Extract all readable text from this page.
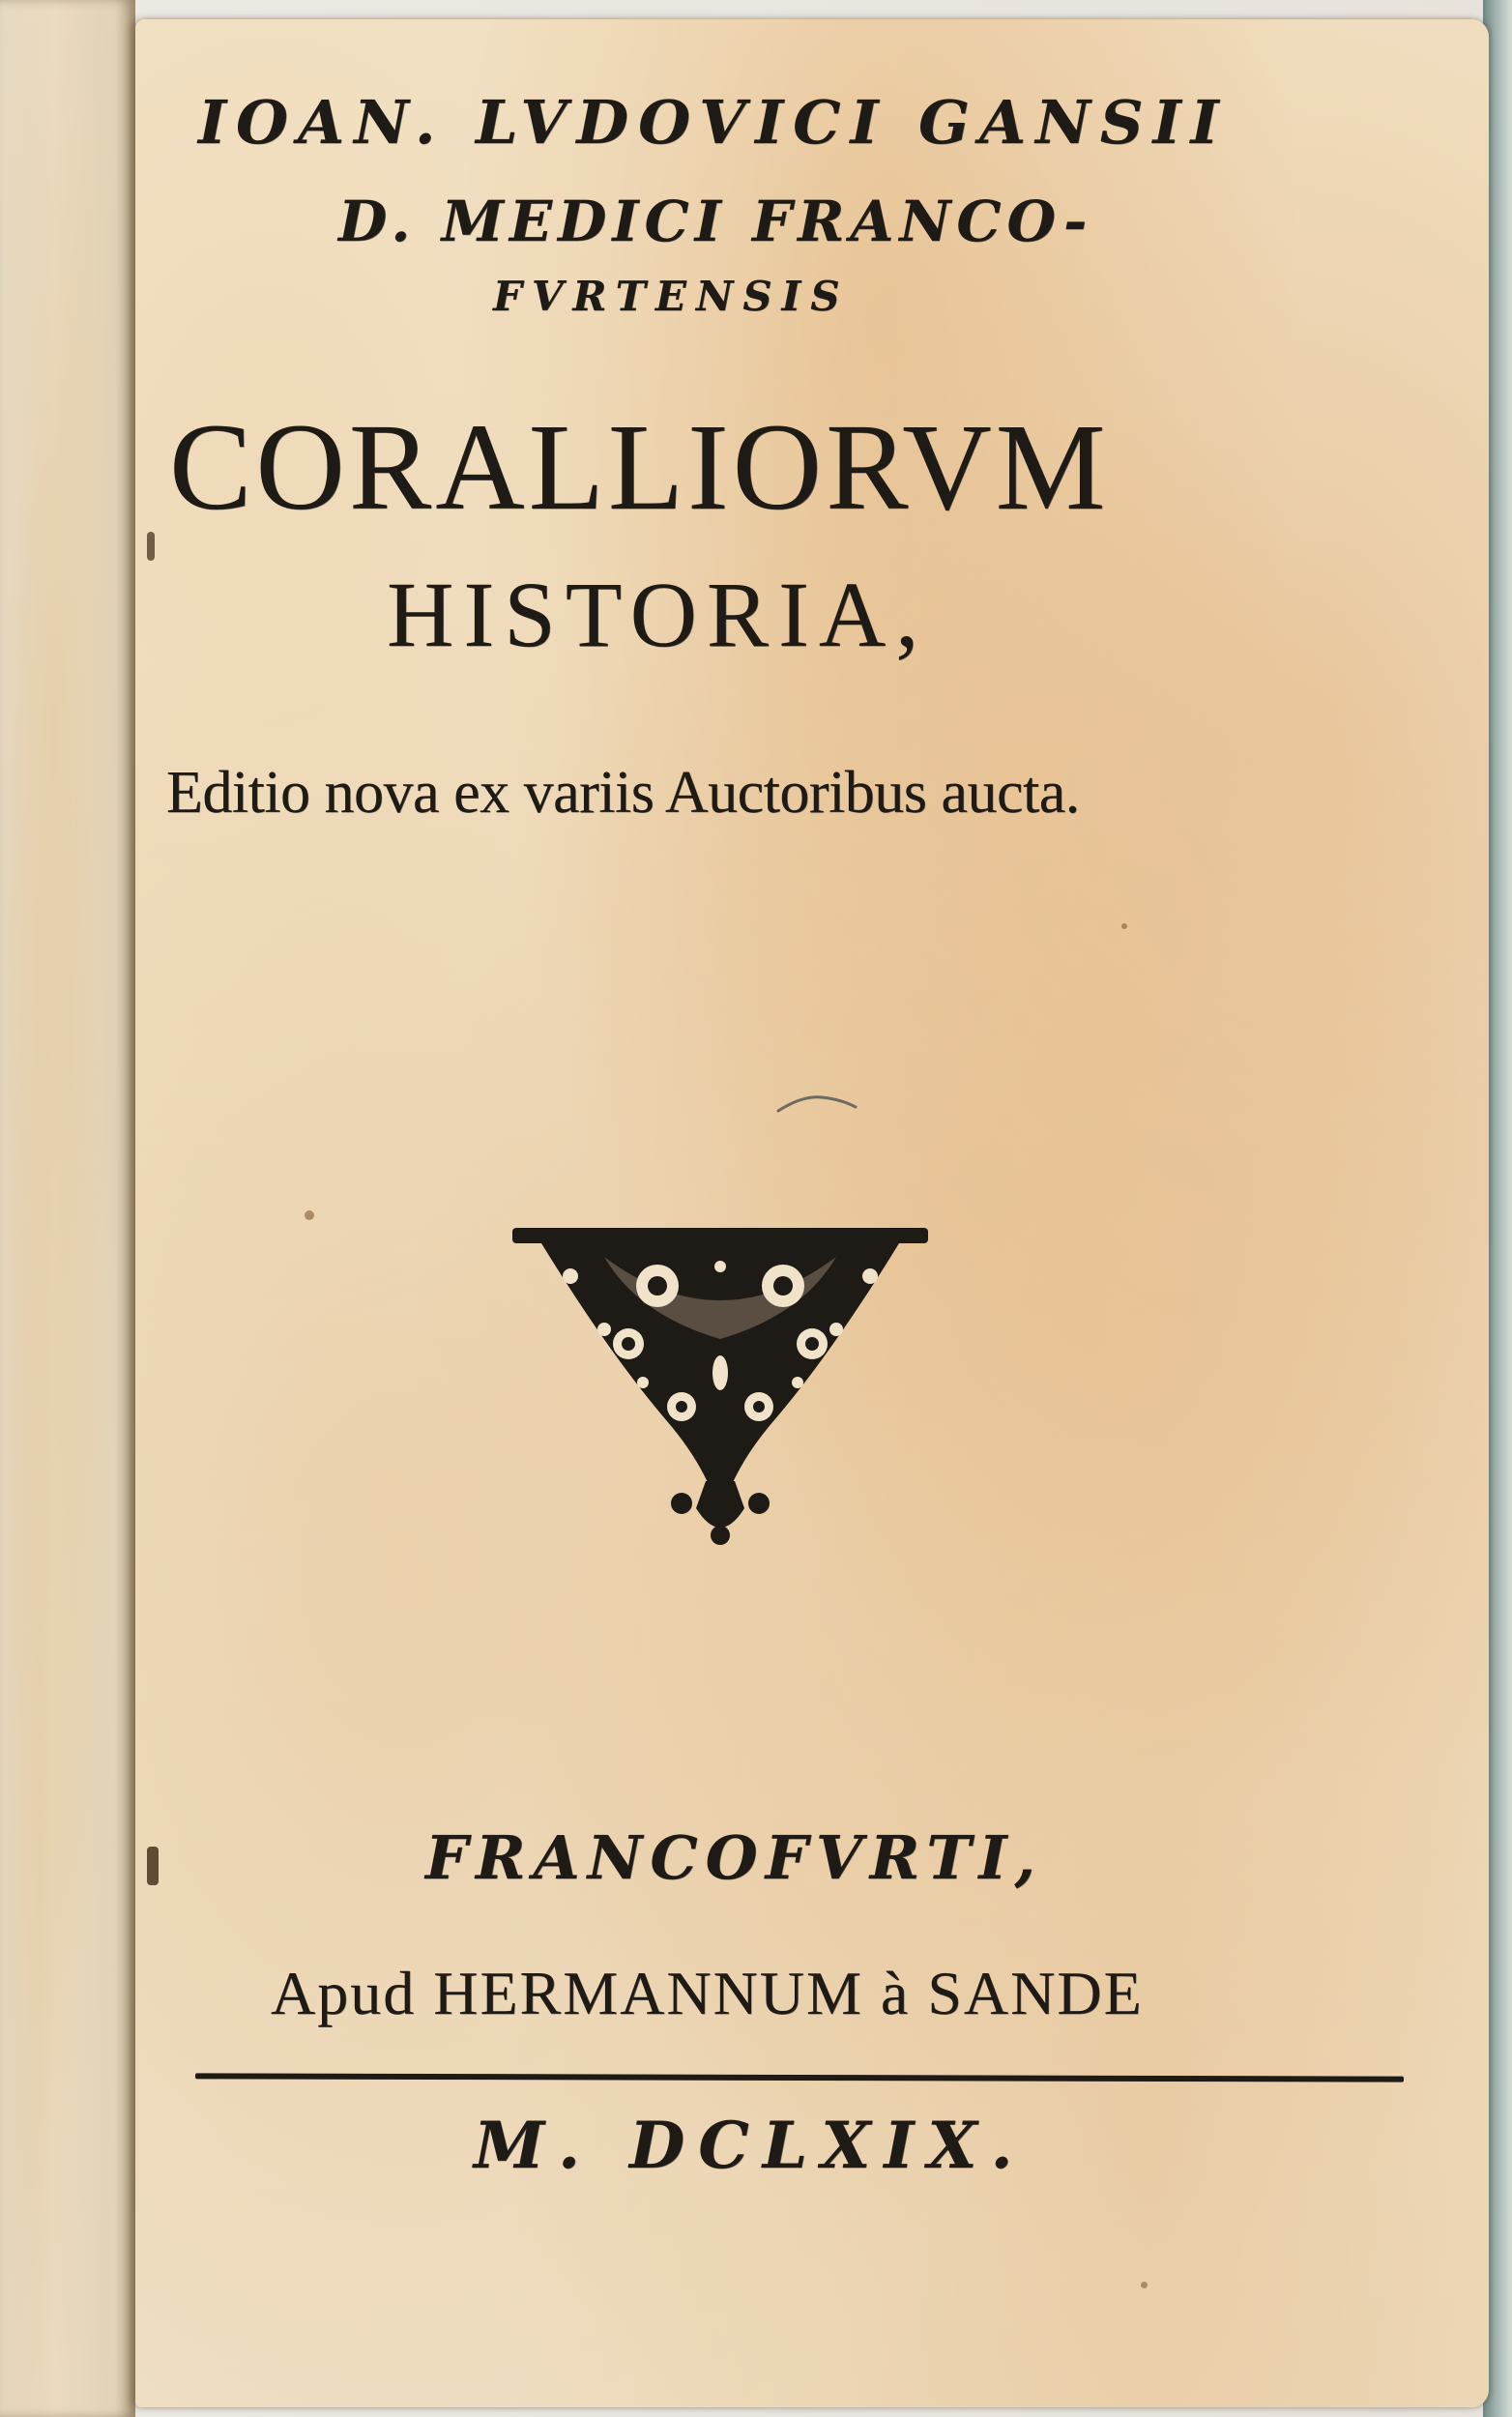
IOAN. LVDOVICI GANSII
D. MEDICI FRANCO-
FVRTENSIS
CORALLIORVM
HISTORIA,
Editio nova ex variis Auctoribus aucta.
FRANCOFVRTI,
Apud HERMANNUM à SANDE
M. DCLXIX.
